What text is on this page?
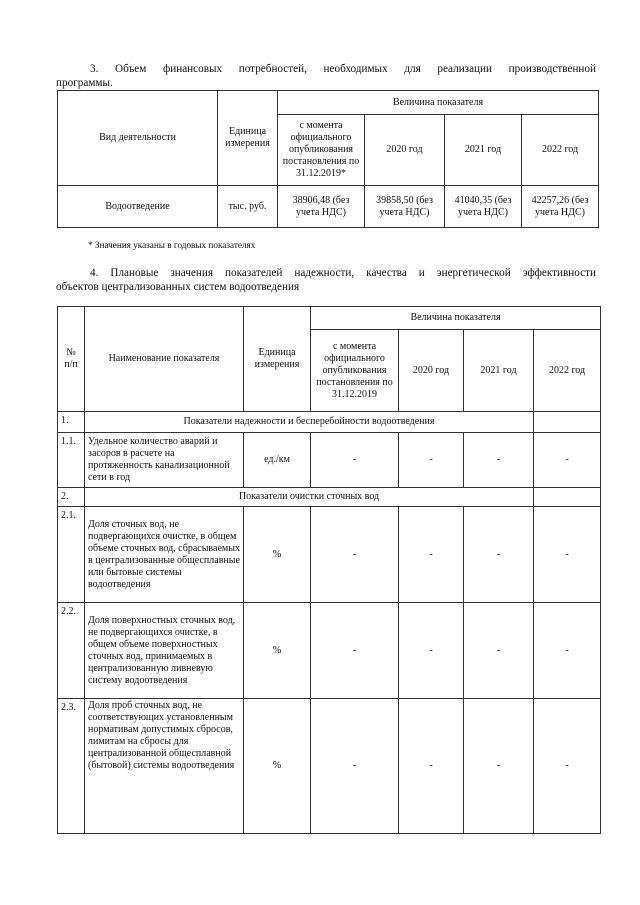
3. Объем финансовых потребностей, необходимых для реализации производственной
программы.
Вид деятельности	Единица измерения	Величина показателя			
		с момента официального опубликования постановления по 31.12.2019*	2020 год	2021 год	2022 год
Водоотведение	тыс. руб.	38906,48 (без учета НДС)	39858,50 (без учета НДС)	41040,35 (без учета НДС)	42257,26 (без учета НДС)
* Значения указаны в годовых показателях
4. Плановые значения показателей надежности, качества и энергетической эффективности
объектов централизованных систем водоотведения
№ п/п	Наименование показателя	Единица измерения	Величина показателя			
			с момента официального опубликования постановления по 31.12.2019	2020 год	2021 год	2022 год
1.	Показатели надежности и бесперебойности водоотведения					
1.1.	Удельное количество аварий и засоров в расчете на протяженность канализационной сети в год	ед./км	-	-	-	-
2.	Показатели очистки сточных вод					
2.1.	Доля сточных вод, не подвергающихся очистке, в общем объеме сточных вод, сбрасываемых в централизованные общесплавные или бытовые системы водоотведения	%	-	-	-	-
2.2.	Доля поверхностных сточных вод, не подвергающихся очистке, в общем объеме поверхностных сточных вод, принимаемых в централизованную ливневую систему водоотведения	%	-	-	-	-
2.3.	Доля проб сточных вод, не соответствующих установленным нормативам допустимых сбросов, лимитам на сбросы для централизованной общесплавной (бытовой) системы водоотведения	%	-	-	-	-
